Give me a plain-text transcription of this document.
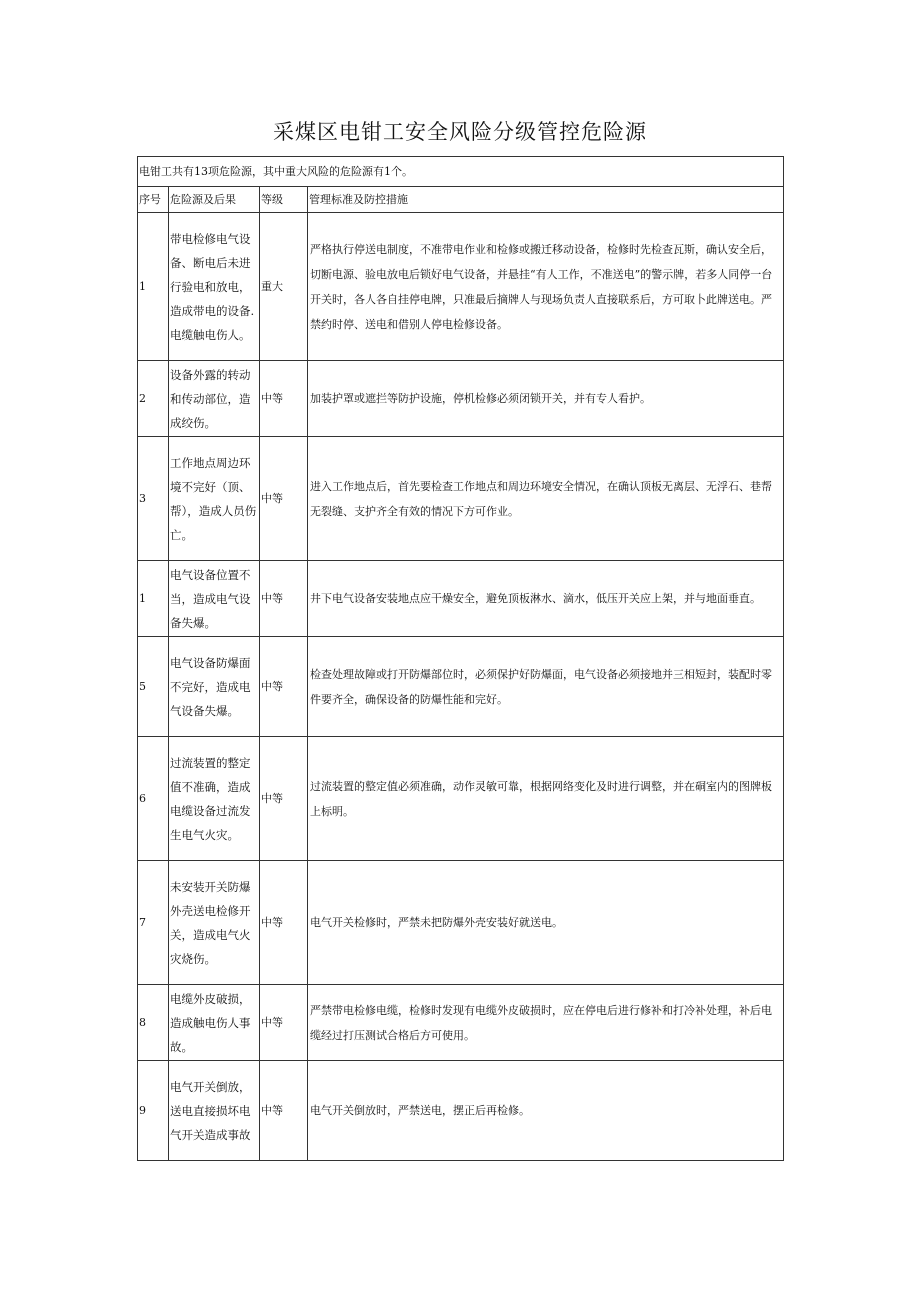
采煤区电钳工安全风险分级管控危险源
电钳工共有13项危险源，其中重大风险的危险源有1个。			
序号	危险源及后果	等级	管理标准及防控措施
1	带电检修电气设备、断电后未进行验电和放电，造成带电的设备.电缆触电伤人。	重大	严格执行停送电制度，不准带电作业和检修或搬迁移动设备，检修时先检查瓦斯，确认安全后，切断电源、验电放电后锁好电气设备，并悬挂“有人工作，不准送电”的警示牌，若多人同停一台开关时，各人各自挂停电牌，只准最后摘牌人与现场负责人直接联系后，方可取卜此牌送电。严禁约时停、送电和借别人停电检修设备。
2	设备外露的转动和传动部位，造成绞伤。	中等	加装护罩或遮拦等防护设施，停机检修必须闭锁开关，并有专人看护。
3	工作地点周边环境不完好（顶、帮），造成人员伤亡。	中等	进入工作地点后，首先要检查工作地点和周边环境安全情况，在确认顶板无离层、无浮石、巷帮无裂缝、支护齐全有效的情况下方可作业。
1	电气设备位置不当，造成电气设备失爆。	中等	井下电气设备安装地点应干燥安全，避免顶板淋水、滴水，低压开关应上架，并与地面垂直。
5	电气设备防爆面不完好，造成电气设备失爆。	中等	检查处理故障或打开防爆部位时，必须保护好防爆面，电气设备必须接地并三相短封，装配时零件要齐全，确保设备的防爆性能和完好。
6	过流装置的整定值不准确，造成电缆设备过流发生电气火灾。	中等	过流装置的整定值必须准确，动作灵敏可靠，根据网络变化及时进行调整，并在硐室内的图牌板上标明。
7	未安装开关防爆外壳送电检修开关，造成电气火灾烧伤。	中等	电气开关检修时，严禁未把防爆外壳安装好就送电。
8	电缆外皮破损，造成触电伤人事故。	中等	严禁带电检修电缆，检修时发现有电缆外皮破损时，应在停电后进行修补和打冷补处理，补后电缆经过打压测试合格后方可使用。
9	电气开关倒放，送电直接损坏电气开关造成事故	中等	电气开关倒放时，严禁送电，摆正后再检修。
